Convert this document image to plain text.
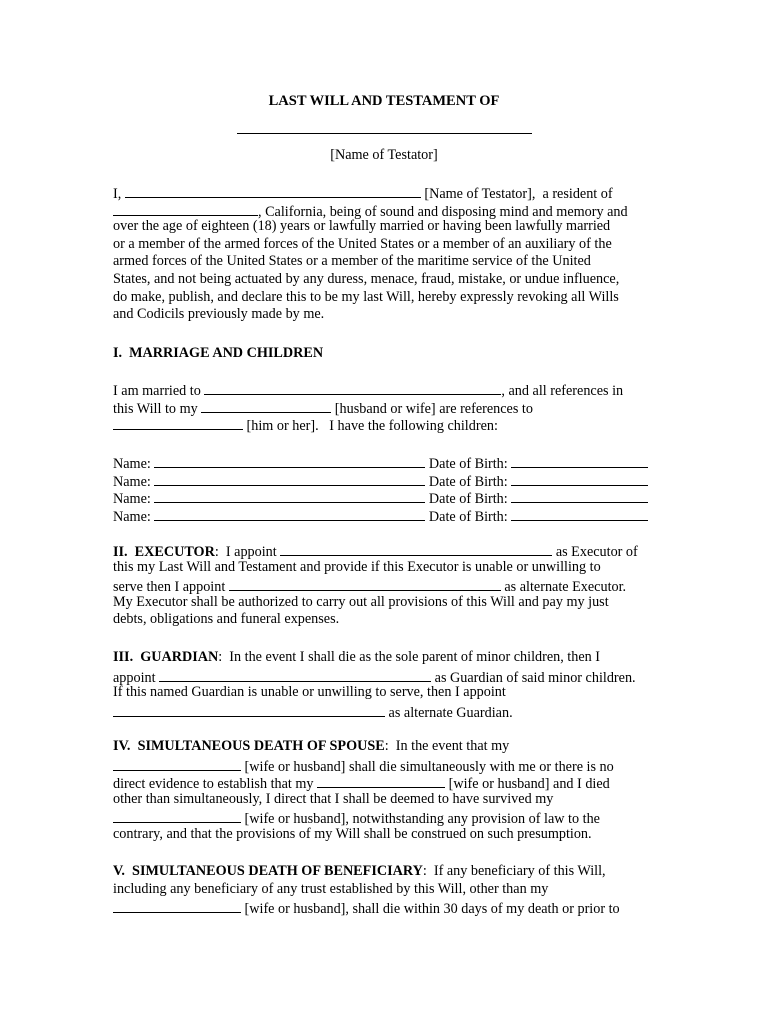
LAST WILL AND TESTAMENT OF
[Name of Testator]
I,	[Name of Testator],  a resident of
, California, being of sound and disposing mind and memory and
over the age of eighteen (18) years or lawfully married or having been lawfully married
or a member of the armed forces of the United States or a member of an auxiliary of the
armed forces of the United States or a member of the maritime service of the United
States, and not being actuated by any duress, menace, fraud, mistake, or undue influence,
do make, publish, and declare this to be my last Will, hereby expressly revoking all Wills
and Codicils previously made by me.
I.  MARRIAGE AND CHILDREN
I am married to	, and all references in
this Will to my	[husband or wife] are references to
[him or her].   I have the following children:
Name:	Date of Birth:
Name:	Date of Birth:
Name:	Date of Birth:
Name:	Date of Birth:
II.  EXECUTOR:  I appoint	as Executor of
this my Last Will and Testament and provide if this Executor is unable or unwilling to
serve then I appoint	as alternate Executor.
My Executor shall be authorized to carry out all provisions of this Will and pay my just
debts, obligations and funeral expenses.
III.  GUARDIAN:  In the event I shall die as the sole parent of minor children, then I
appoint	as Guardian of said minor children.
If this named Guardian is unable or unwilling to serve, then I appoint
as alternate Guardian.
IV.  SIMULTANEOUS DEATH OF SPOUSE:  In the event that my
[wife or husband] shall die simultaneously with me or there is no
direct evidence to establish that my	[wife or husband] and I died
other than simultaneously, I direct that I shall be deemed to have survived my
[wife or husband], notwithstanding any provision of law to the
contrary, and that the provisions of my Will shall be construed on such presumption.
V.  SIMULTANEOUS DEATH OF BENEFICIARY:  If any beneficiary of this Will,
including any beneficiary of any trust established by this Will, other than my
[wife or husband], shall die within 30 days of my death or prior to
